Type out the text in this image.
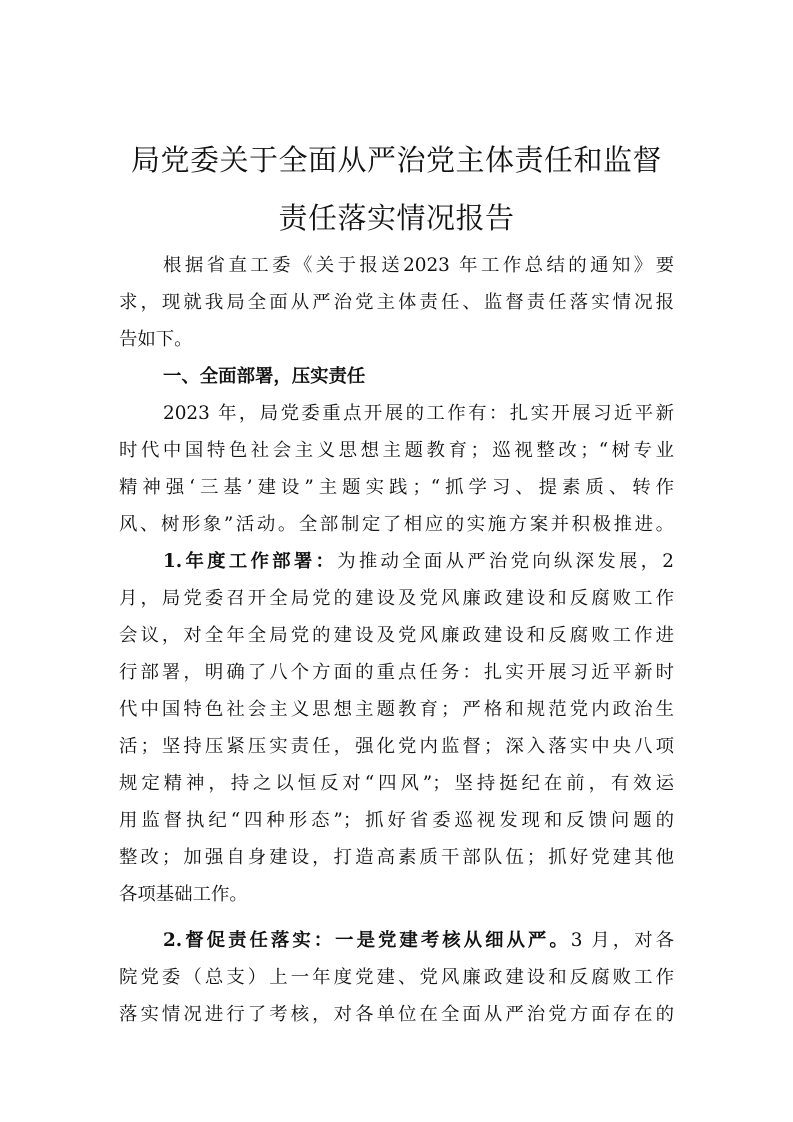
局党委关于全面从严治党主体责任和监督
责任落实情况报告

根据省直工委《关于报送2023 年工作总结的通知》要

求，现就我局全面从严治党主体责任、监督责任落实情况报

告如下。

一、全面部署，压实责任

2023 年，局党委重点开展的工作有：扎实开展习近平新

时代中国特色社会主义思想主题教育；巡视整改；“树专业

精神强‘三基’建设”主题实践；“抓学习、提素质、转作

风、树形象”活动。全部制定了相应的实施方案并积极推进。

1.年度工作部署：为推动全面从严治党向纵深发展，2

月，局党委召开全局党的建设及党风廉政建设和反腐败工作

会议，对全年全局党的建设及党风廉政建设和反腐败工作进

行部署，明确了八个方面的重点任务：扎实开展习近平新时

代中国特色社会主义思想主题教育；严格和规范党内政治生

活；坚持压紧压实责任，强化党内监督；深入落实中央八项

规定精神，持之以恒反对“四风”；坚持挺纪在前，有效运

用监督执纪“四种形态”；抓好省委巡视发现和反馈问题的

整改；加强自身建设，打造高素质干部队伍；抓好党建其他

各项基础工作。

2.督促责任落实：一是党建考核从细从严。3 月，对各

院党委（总支）上一年度党建、党风廉政建设和反腐败工作

落实情况进行了考核，对各单位在全面从严治党方面存在的
